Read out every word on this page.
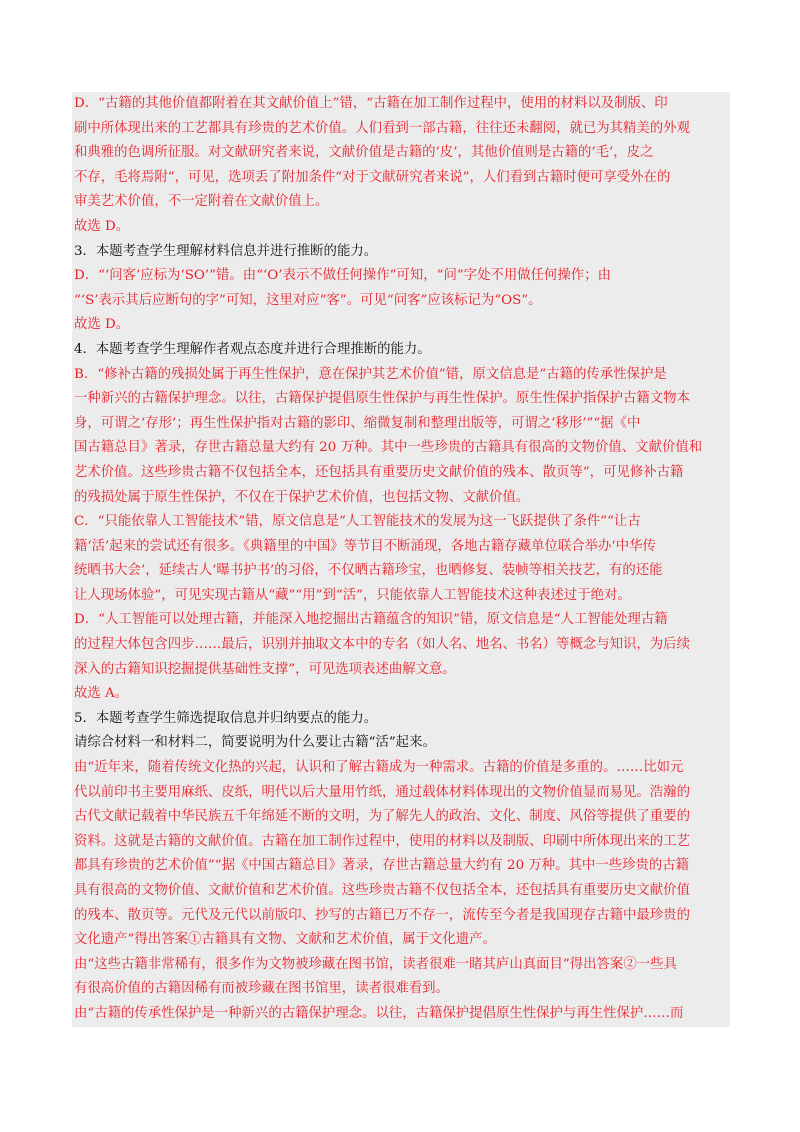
D．“古籍的其他价值都附着在其文献价值上”错，“古籍在加工制作过程中，使用的材料以及制版、印
刷中所体现出来的工艺都具有珍贵的艺术价值。人们看到一部古籍，往往还未翻阅，就已为其精美的外观
和典雅的色调所征服。对文献研究者来说，文献价值是古籍的‘皮’，其他价值则是古籍的‘毛’，皮之
不存，毛将焉附”，可见，选项丢了附加条件“对于文献研究者来说”，人们看到古籍时便可享受外在的
审美艺术价值，不一定附着在文献价值上。
故选 D。
3．本题考查学生理解材料信息并进行推断的能力。
D．“‘问客’应标为‘SO’”错。由“‘O’表示不做任何操作”可知，“问”字处不用做任何操作；由
“‘S’表示其后应断句的字”可知，这里对应“客”。可见“问客”应该标记为“OS”。
故选 D。
4．本题考查学生理解作者观点态度并进行合理推断的能力。
B．“修补古籍的残损处属于再生性保护，意在保护其艺术价值”错，原文信息是“古籍的传承性保护是
一种新兴的古籍保护理念。以往，古籍保护提倡原生性保护与再生性保护。原生性保护指保护古籍文物本
身，可谓之‘存形’；再生性保护指对古籍的影印、缩微复制和整理出版等，可谓之‘移形’”“据《中
国古籍总目》著录，存世古籍总量大约有 20 万种。其中一些珍贵的古籍具有很高的文物价值、文献价值和
艺术价值。这些珍贵古籍不仅包括全本，还包括具有重要历史文献价值的残本、散页等”，可见修补古籍
的残损处属于原生性保护，不仅在于保护艺术价值，也包括文物、文献价值。
C．“只能依靠人工智能技术”错，原文信息是“人工智能技术的发展为这一飞跃提供了条件”“让古
籍‘活’起来的尝试还有很多。《典籍里的中国》等节目不断涌现，各地古籍存藏单位联合举办‘中华传
统晒书大会’，延续古人‘曝书护书’的习俗，不仅晒古籍珍宝，也晒修复、装帧等相关技艺，有的还能
让人现场体验”，可见实现古籍从“藏”“用”到“活”，只能依靠人工智能技术这种表述过于绝对。
D．“人工智能可以处理古籍，并能深入地挖掘出古籍蕴含的知识”错，原文信息是“人工智能处理古籍
的过程大体包含四步……最后，识别并抽取文本中的专名（如人名、地名、书名）等概念与知识，为后续
深入的古籍知识挖掘提供基础性支撑”，可见选项表述曲解文意。
故选 A。
5．本题考查学生筛选提取信息并归纳要点的能力。
请综合材料一和材料二，简要说明为什么要让古籍“活”起来。
由“近年来，随着传统文化热的兴起，认识和了解古籍成为一种需求。古籍的价值是多重的。……比如元
代以前印书主要用麻纸、皮纸，明代以后大量用竹纸，通过载体材料体现出的文物价值显而易见。浩瀚的
古代文献记载着中华民族五千年绵延不断的文明，为了解先人的政治、文化、制度、风俗等提供了重要的
资料。这就是古籍的文献价值。古籍在加工制作过程中，使用的材料以及制版、印刷中所体现出来的工艺
都具有珍贵的艺术价值”“据《中国古籍总目》著录，存世古籍总量大约有 20 万种。其中一些珍贵的古籍
具有很高的文物价值、文献价值和艺术价值。这些珍贵古籍不仅包括全本，还包括具有重要历史文献价值
的残本、散页等。元代及元代以前版印、抄写的古籍已万不存一，流传至今者是我国现存古籍中最珍贵的
文化遗产”得出答案①古籍具有文物、文献和艺术价值，属于文化遗产。
由“这些古籍非常稀有，很多作为文物被珍藏在图书馆，读者很难一睹其庐山真面目”得出答案②一些具
有很高价值的古籍因稀有而被珍藏在图书馆里，读者很难看到。
由“古籍的传承性保护是一种新兴的古籍保护理念。以往，古籍保护提倡原生性保护与再生性保护……而
